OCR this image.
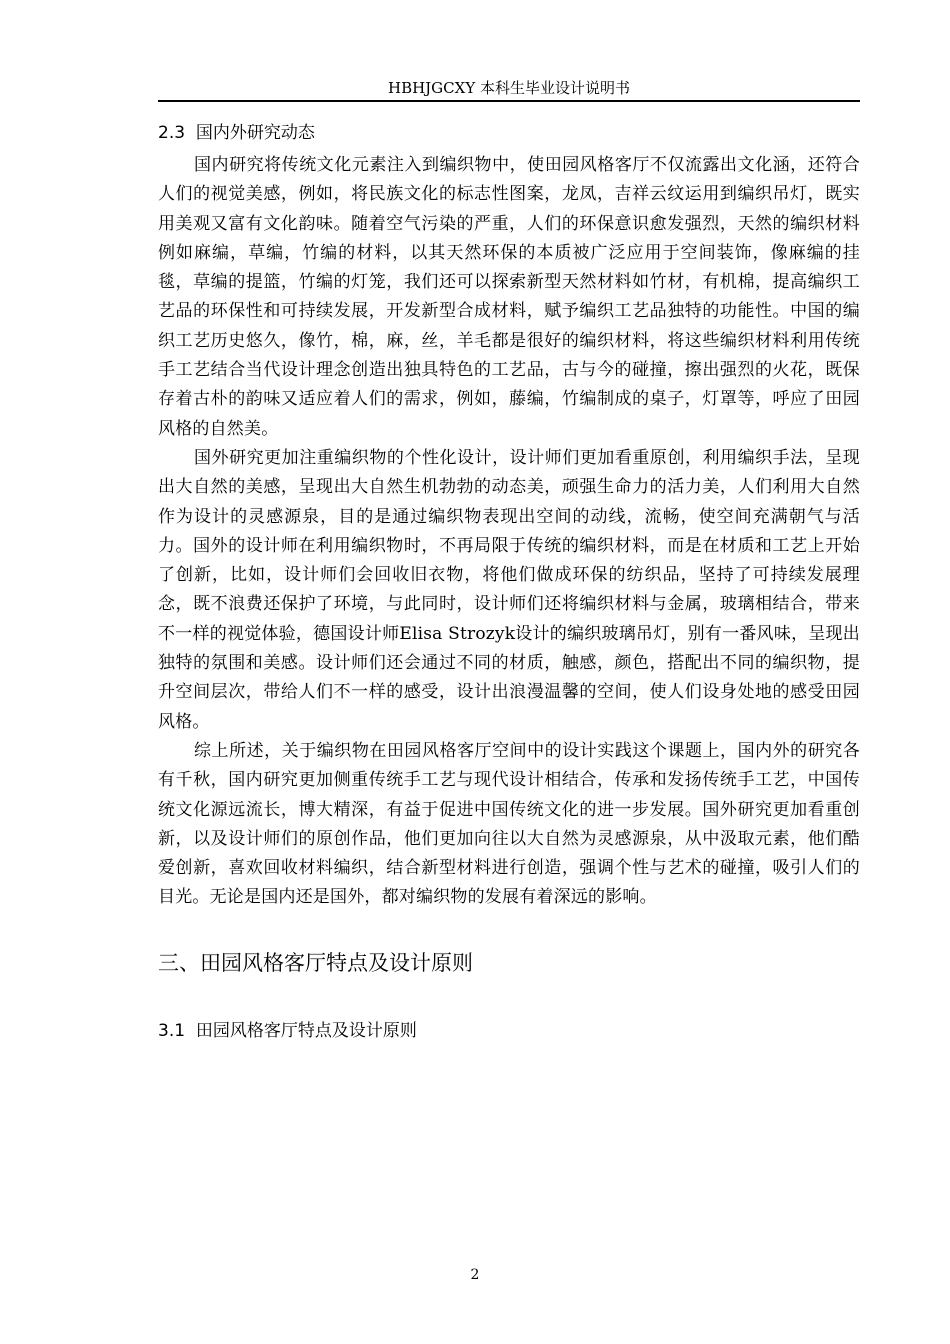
HBHJGCXY 本科生毕业设计说明书
2.3  国内外研究动态

国内研究将传统文化元素注入到编织物中，使田园风格客厅不仅流露出文化涵，还符合人们的视觉美感，例如，将民族文化的标志性图案，龙凤，吉祥云纹运用到编织吊灯，既实用美观又富有文化韵味。随着空气污染的严重，人们的环保意识愈发强烈，天然的编织材料例如麻编，草编，竹编的材料，以其天然环保的本质被广泛应用于空间装饰，像麻编的挂毯，草编的提篮，竹编的灯笼，我们还可以探索新型天然材料如竹材，有机棉，提高编织工艺品的环保性和可持续发展，开发新型合成材料，赋予编织工艺品独特的功能性。中国的编织工艺历史悠久，像竹，棉，麻，丝，羊毛都是很好的编织材料，将这些编织材料利用传统手工艺结合当代设计理念创造出独具特色的工艺品，古与今的碰撞，擦出强烈的火花，既保存着古朴的韵味又适应着人们的需求，例如，藤编，竹编制成的桌子，灯罩等，呼应了田园风格的自然美。

国外研究更加注重编织物的个性化设计，设计师们更加看重原创，利用编织手法，呈现出大自然的美感，呈现出大自然生机勃勃的动态美，顽强生命力的活力美，人们利用大自然作为设计的灵感源泉，目的是通过编织物表现出空间的动线，流畅，使空间充满朝气与活力。国外的设计师在利用编织物时，不再局限于传统的编织材料，而是在材质和工艺上开始了创新，比如，设计师们会回收旧衣物，将他们做成环保的纺织品，坚持了可持续发展理念，既不浪费还保护了环境，与此同时，设计师们还将编织材料与金属，玻璃相结合，带来不一样的视觉体验，德国设计师Elisa Strozyk设计的编织玻璃吊灯，别有一番风味，呈现出独特的氛围和美感。设计师们还会通过不同的材质，触感，颜色，搭配出不同的编织物，提升空间层次，带给人们不一样的感受，设计出浪漫温馨的空间，使人们设身处地的感受田园风格。

综上所述，关于编织物在田园风格客厅空间中的设计实践这个课题上，国内外的研究各有千秋，国内研究更加侧重传统手工艺与现代设计相结合，传承和发扬传统手工艺，中国传统文化源远流长，博大精深，有益于促进中国传统文化的进一步发展。国外研究更加看重创新，以及设计师们的原创作品，他们更加向往以大自然为灵感源泉，从中汲取元素，他们酷爱创新，喜欢回收材料编织，结合新型材料进行创造，强调个性与艺术的碰撞，吸引人们的目光。无论是国内还是国外，都对编织物的发展有着深远的影响。

三、田园风格客厅特点及设计原则
3.1  田园风格客厅特点及设计原则
2
